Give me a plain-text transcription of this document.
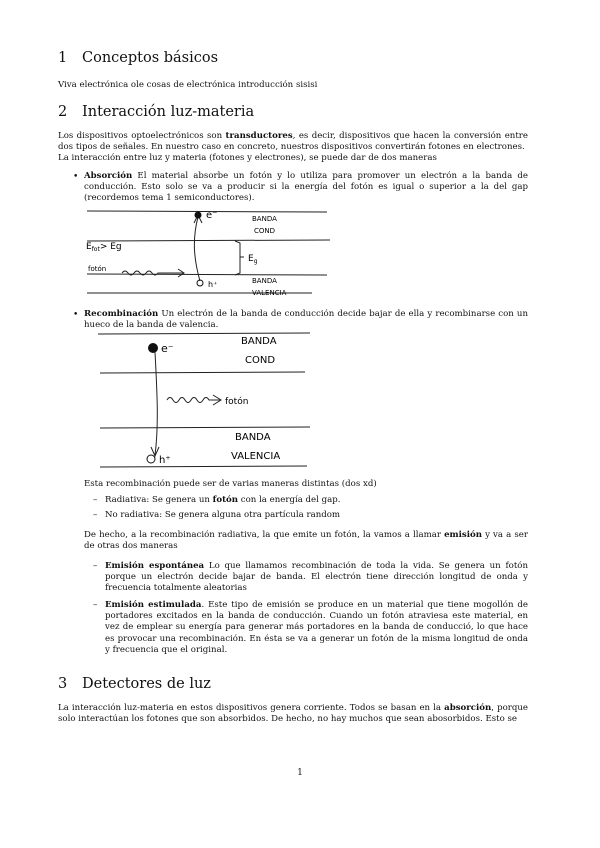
1 Conceptos básicos
Viva electrónica ole cosas de electrónica introducción sisisi
2 Interacción luz-materia
Los dispositivos optoelectrónicos son transductores, es decir, dispositivos que hacen la conversión entre dos tipos de señales. En nuestro caso en concreto, nuestros dispositivos convertirán fotones en electrones.
La interacción entre luz y materia (fotones y electrones), se puede dar de dos maneras
• Absorción El material absorbe un fotón y lo utiliza para promover un electrón a la banda de conducción. Esto solo se va a producir si la energía del fotón es igual o superior a la del gap (recordemos tema 1 semiconductores).
e⁻	BANDA
COND
$E_g$
$E_{fot}> Eg$
fotón
h⁺	BANDA
VALENCIA
• Recombinación Un electrón de la banda de conducción decide bajar de ella y recombinarse con un hueco de la banda de valencia.
e⁻
BANDA
COND
fotón
h⁺
BANDA
VALENCIA
Esta recombinación puede ser de varias maneras distintas (dos xd)
– Radiativa: Se genera un fotón con la energía del gap.
– No radiativa: Se genera alguna otra partícula random
De hecho, a la recombinación radiativa, la que emite un fotón, la vamos a llamar emisión y va a ser de otras dos maneras
– Emisión espontánea Lo que llamamos recombinación de toda la vida. Se genera un fotón porque un electrón decide bajar de banda. El electrón tiene dirección longitud de onda y frecuencia totalmente aleatorias
– Emisión estimulada. Este tipo de emisión se produce en un material que tiene mogollón de portadores excitados en la banda de conducción. Cuando un fotón atraviesa este material, en vez de emplear su energía para generar más portadores en la banda de conducció, lo que hace es provocar una recombinación. En ésta se va a generar un fotón de la misma longitud de onda y frecuencia que el original.
3 Detectores de luz
La interacción luz-materia en estos dispositivos genera corriente. Todos se basan en la absorción, porque solo interactúan los fotones que son absorbidos. De hecho, no hay muchos que sean abosorbidos. Esto se
1
